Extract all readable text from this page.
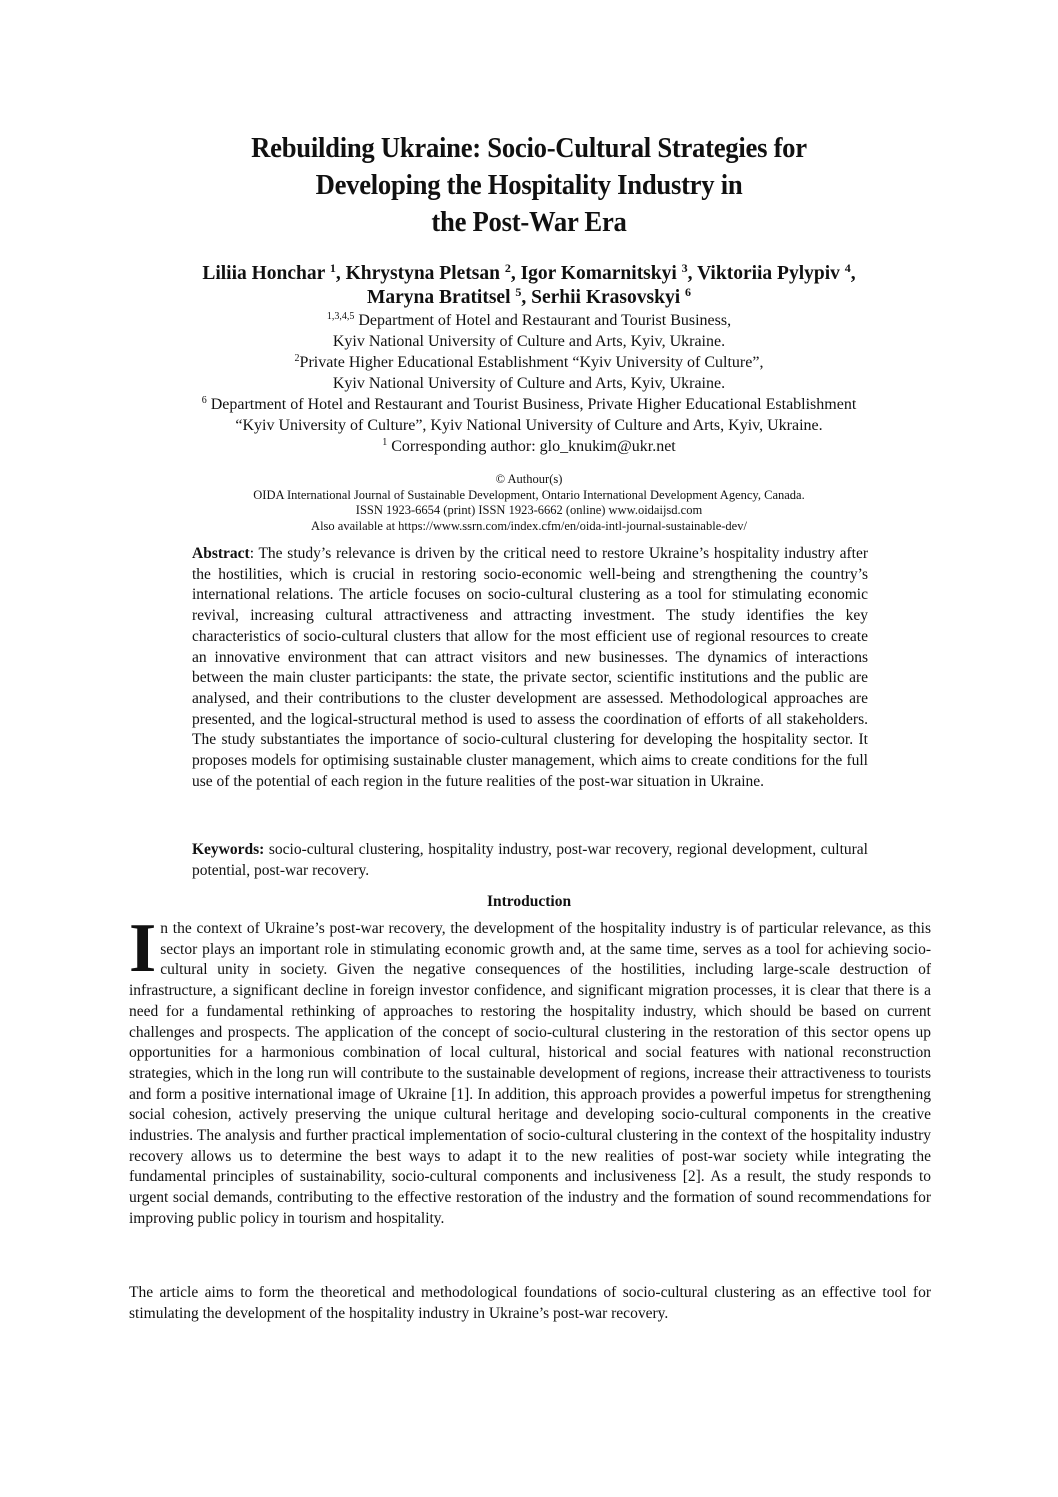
Rebuilding Ukraine: Socio-Cultural Strategies for
Developing the Hospitality Industry in
the Post-War Era
Liliia Honchar $^1$, Khrystyna Pletsan $^2$, Igor Komarnitskyi $^3$, Viktoriia Pylypiv $^4$,
Maryna Bratitsel $^5$, Serhii Krasovskyi $^6$
$^{1,3,4,5}$ Department of Hotel and Restaurant and Tourist Business,
Kyiv National University of Culture and Arts, Kyiv, Ukraine.
$^2$Private Higher Educational Establishment “Kyiv University of Culture”,
Kyiv National University of Culture and Arts, Kyiv, Ukraine.
$^6$ Department of Hotel and Restaurant and Tourist Business, Private Higher Educational Establishment
“Kyiv University of Culture”, Kyiv National University of Culture and Arts, Kyiv, Ukraine.
$^1$ Corresponding author: glo_knukim@ukr.net
© Authour(s)
OIDA International Journal of Sustainable Development, Ontario International Development Agency, Canada.
ISSN 1923-6654 (print) ISSN 1923-6662 (online) www.oidaijsd.com
Also available at https://www.ssrn.com/index.cfm/en/oida-intl-journal-sustainable-dev/
Abstract: The study’s relevance is driven by the critical need to restore Ukraine’s hospitality industry after the hostilities, which is crucial in restoring socio-economic well-being and strengthening the country’s international relations. The article focuses on socio-cultural clustering as a tool for stimulating economic revival, increasing cultural attractiveness and attracting investment. The study identifies the key characteristics of socio-cultural clusters that allow for the most efficient use of regional resources to create an innovative environment that can attract visitors and new businesses. The dynamics of interactions between the main cluster participants: the state, the private sector, scientific institutions and the public are analysed, and their contributions to the cluster development are assessed. Methodological approaches are presented, and the logical-structural method is used to assess the coordination of efforts of all stakeholders. The study substantiates the importance of socio-cultural clustering for developing the hospitality sector. It proposes models for optimising sustainable cluster management, which aims to create conditions for the full use of the potential of each region in the future realities of the post-war situation in Ukraine.
Keywords: socio-cultural clustering, hospitality industry, post-war recovery, regional development, cultural potential, post-war recovery.
Introduction
In the context of Ukraine’s post-war recovery, the development of the hospitality industry is of particular relevance, as this sector plays an important role in stimulating economic growth and, at the same time, serves as a tool for achieving socio-cultural unity in society. Given the negative consequences of the hostilities, including large-scale destruction of infrastructure, a significant decline in foreign investor confidence, and significant migration processes, it is clear that there is a need for a fundamental rethinking of approaches to restoring the hospitality industry, which should be based on current challenges and prospects. The application of the concept of socio-cultural clustering in the restoration of this sector opens up opportunities for a harmonious combination of local cultural, historical and social features with national reconstruction strategies, which in the long run will contribute to the sustainable development of regions, increase their attractiveness to tourists and form a positive international image of Ukraine [1]. In addition, this approach provides a powerful impetus for strengthening social cohesion, actively preserving the unique cultural heritage and developing socio-cultural components in the creative industries. The analysis and further practical implementation of socio-cultural clustering in the context of the hospitality industry recovery allows us to determine the best ways to adapt it to the new realities of post-war society while integrating the fundamental principles of sustainability, socio-cultural components and inclusiveness [2]. As a result, the study responds to urgent social demands, contributing to the effective restoration of the industry and the formation of sound recommendations for improving public policy in tourism and hospitality.
The article aims to form the theoretical and methodological foundations of socio-cultural clustering as an effective tool for stimulating the development of the hospitality industry in Ukraine’s post-war recovery.
